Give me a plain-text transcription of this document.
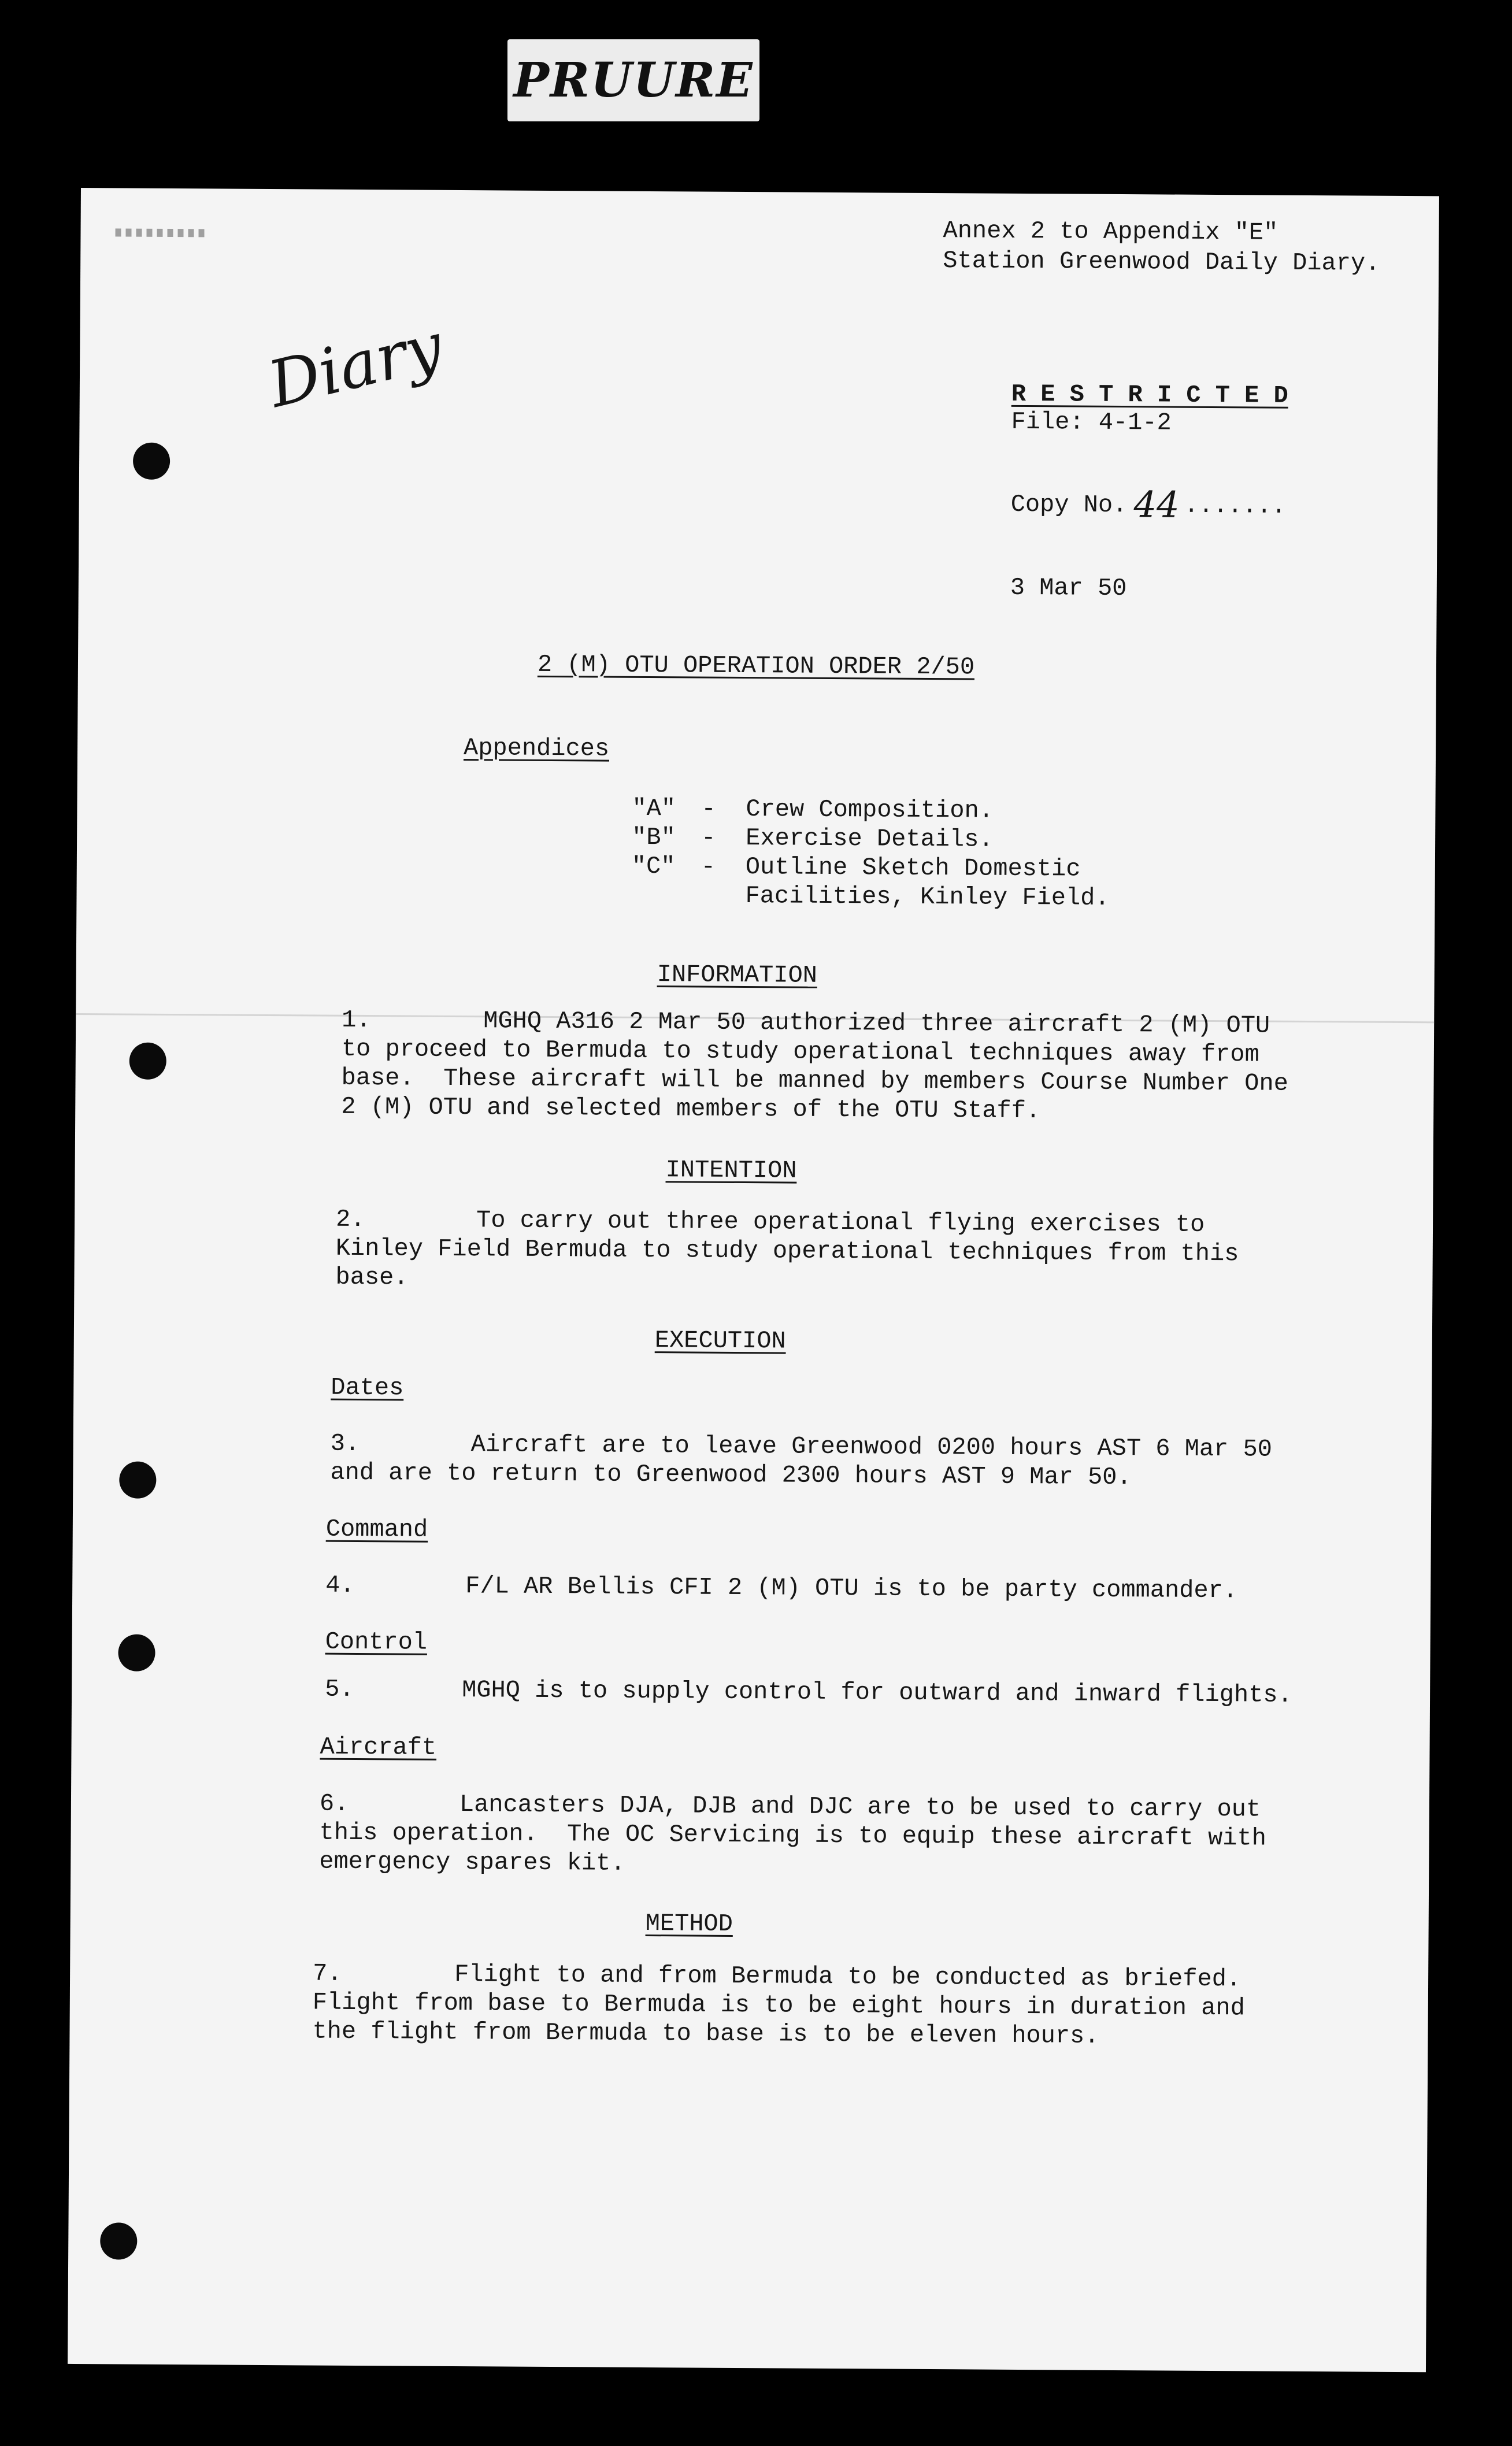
PRUURE
Diary
Annex 2 to Appendix "E"
Station Greenwood Daily Diary.
R E S T R I C T E D
File: 4-1-2
Copy No. 44 .......
3 Mar 50
2 (M) OTU OPERATION ORDER 2/50
Appendices
"A" - Crew Composition.
"B" - Exercise Details.
"C" - Outline Sketch Domestic
Facilities, Kinley Field.
INFORMATION
1.	MGHQ A316 2 Mar 50 authorized three aircraft 2 (M) OTU
to proceed to Bermuda to study operational techniques away from
base.  These aircraft will be manned by members Course Number One
2 (M) OTU and selected members of the OTU Staff.
INTENTION
2.	To carry out three operational flying exercises to
Kinley Field Bermuda to study operational techniques from this
base.
EXECUTION
Dates
3.	Aircraft are to leave Greenwood 0200 hours AST 6 Mar 50
and are to return to Greenwood 2300 hours AST 9 Mar 50.
Command
4.	F/L AR Bellis CFI 2 (M) OTU is to be party commander.
Control
5.	MGHQ is to supply control for outward and inward flights.
Aircraft
6.	Lancasters DJA, DJB and DJC are to be used to carry out
this operation.  The OC Servicing is to equip these aircraft with
emergency spares kit.
METHOD
7.	Flight to and from Bermuda to be conducted as briefed.
Flight from base to Bermuda is to be eight hours in duration and
the flight from Bermuda to base is to be eleven hours.
